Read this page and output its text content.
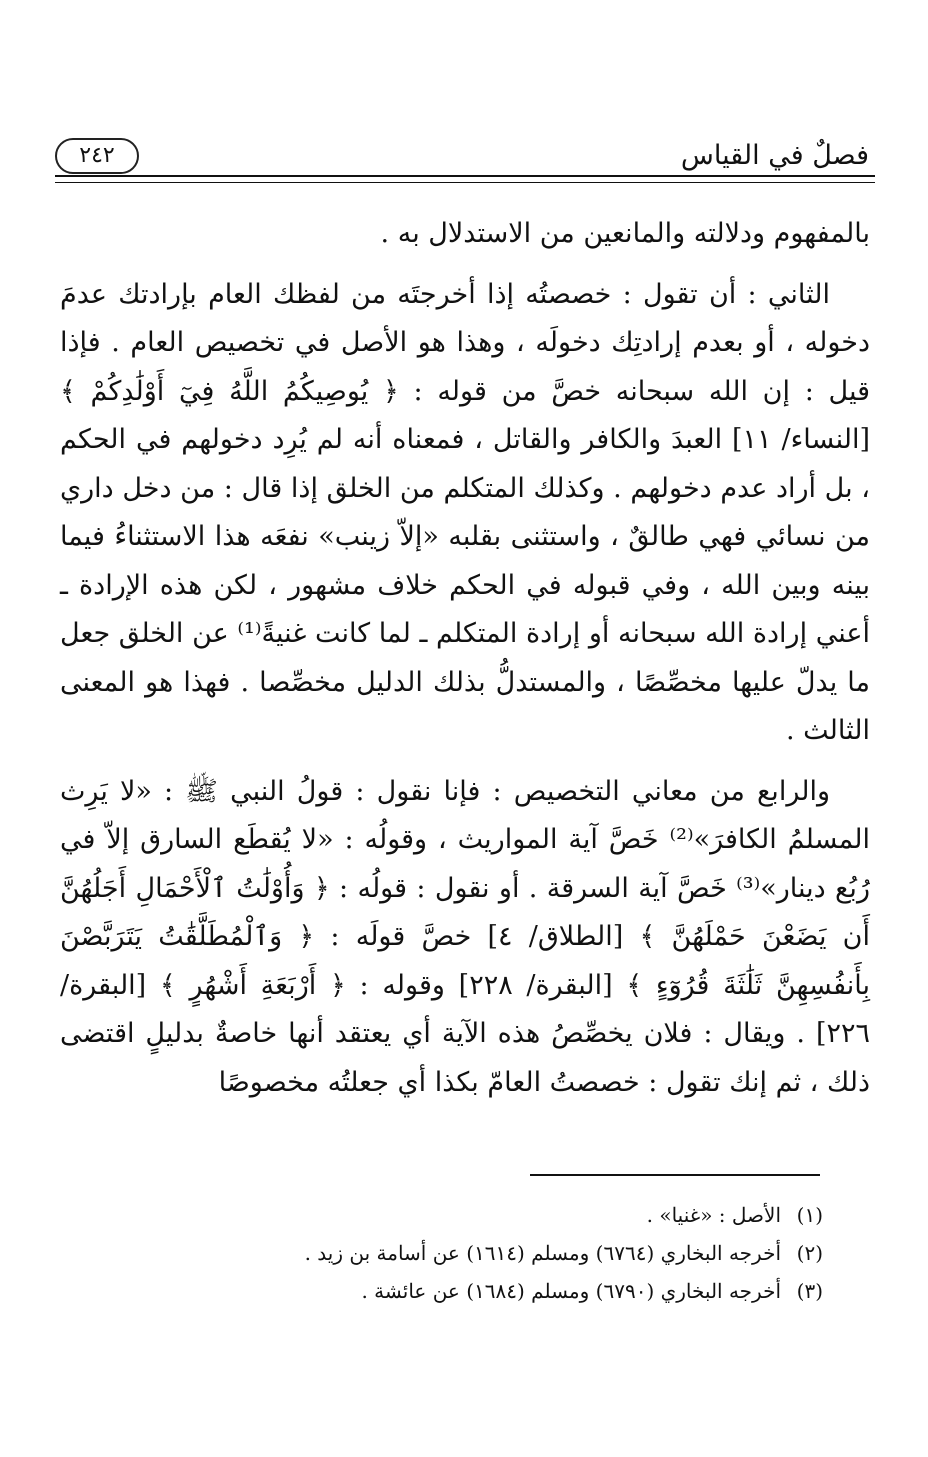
فصلٌ في القياس
٢٤٢

بالمفهوم ودلالته والمانعين من الاستدلال به .

الثاني : أن تقول : خصصتُه إذا أخرجتَه من لفظك العام بإرادتك عدمَ دخوله ، أو بعدم إرادتِك دخولَه ، وهذا هو الأصل في تخصيص العام . فإذا قيل : إن الله سبحانه خصَّ من قوله : ﴿ يُوصِيكُمُ اللَّهُ فِيٓ أَوْلَٰدِكُمْ ﴾ [النساء/ ١١] العبدَ والكافر والقاتل ، فمعناه أنه لم يُرِد دخولهم في الحكم ، بل أراد عدم دخولهم . وكذلك المتكلم من الخلق إذا قال : من دخل داري من نسائي فهي طالقٌ ، واستثنى بقلبه «إلاّ زينب» نفعَه هذا الاستثناءُ فيما بينه وبين الله ، وفي قبوله في الحكم خلاف مشهور ، لكن هذه الإرادة ـ أعني إرادة الله سبحانه أو إرادة المتكلم ـ لما كانت غنيةً⁽¹⁾ عن الخلق جعل ما يدلّ عليها مخصِّصًا ، والمستدلُّ بذلك الدليل مخصِّصا . فهذا هو المعنى الثالث .

والرابع من معاني التخصيص : فإنا نقول : قولُ النبي ﷺ : «لا يَرِث المسلمُ الكافرَ»⁽²⁾ خَصَّ آية المواريث ، وقولُه : «لا يُقطَع السارق إلاّ في رُبُع دينار»⁽³⁾ خَصَّ آية السرقة . أو نقول : قولُه : ﴿ وَأُوْلَٰتُ ٱلْأَحْمَالِ أَجَلُهُنَّ أَن يَضَعْنَ حَمْلَهُنَّ ﴾ [الطلاق/ ٤] خصَّ قولَه : ﴿ وَٱلْمُطَلَّقَٰتُ يَتَرَبَّصْنَ بِأَنفُسِهِنَّ ثَلَٰثَةَ قُرُوٓءٍ ﴾ [البقرة/ ٢٢٨] وقوله : ﴿ أَرْبَعَةِ أَشْهُرٍ ﴾ [البقرة/ ٢٢٦] . ويقال : فلان يخصِّصُ هذه الآية أي يعتقد أنها خاصةٌ بدليلٍ اقتضى ذلك ، ثم إنك تقول : خصصتُ العامّ بكذا أي جعلتُه مخصوصًا

(١)
الأصل : «غنيا» .
(٢)
أخرجه البخاري (٦٧٦٤) ومسلم (١٦١٤) عن أسامة بن زيد .
(٣)
أخرجه البخاري (٦٧٩٠) ومسلم (١٦٨٤) عن عائشة .
